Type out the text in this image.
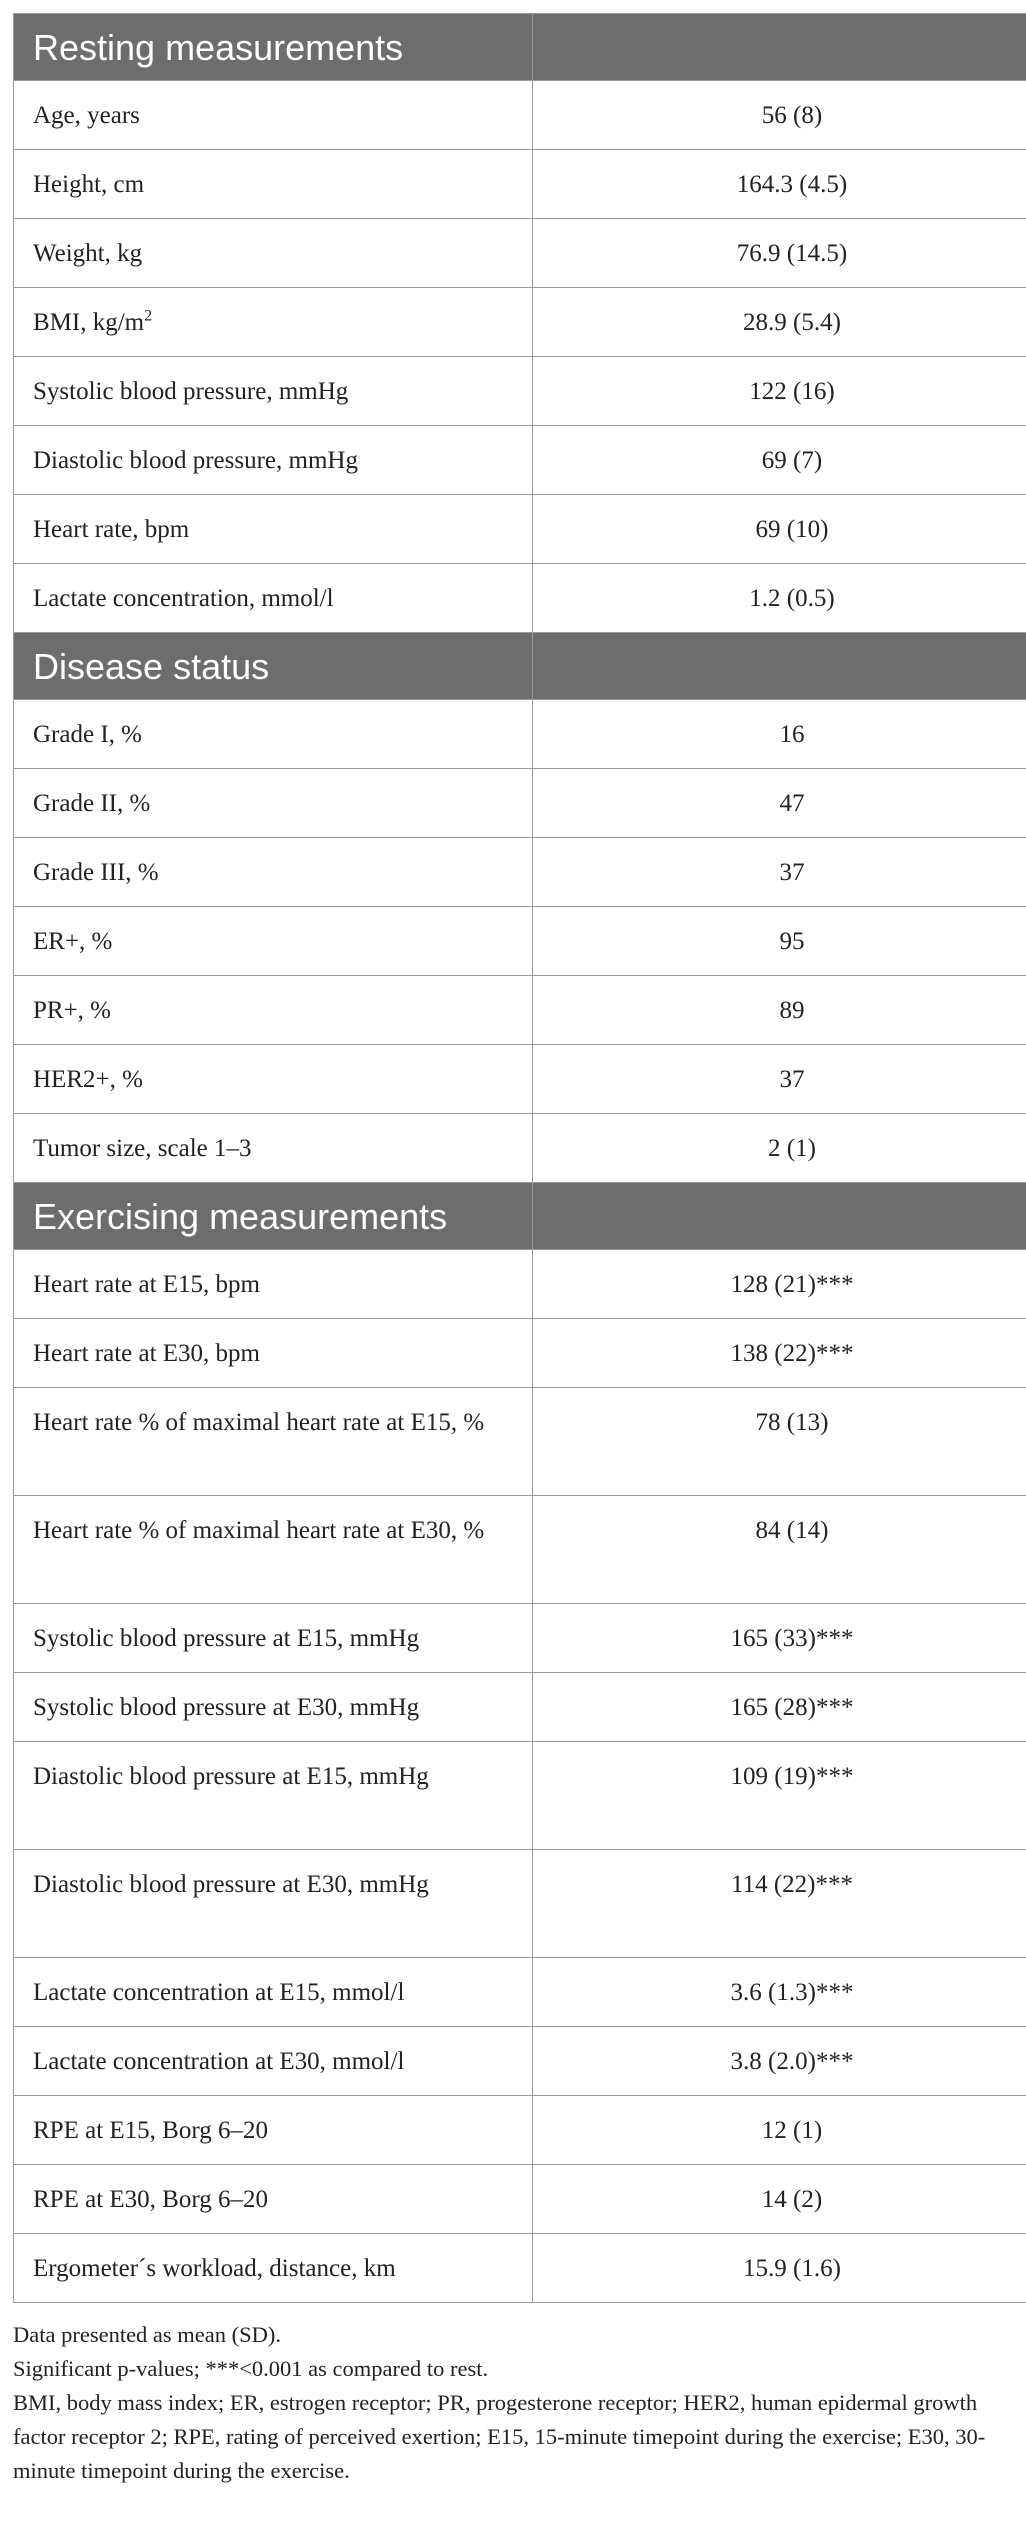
Resting measurements	
Age, years	56 (8)
Height, cm	164.3 (4.5)
Weight, kg	76.9 (14.5)
BMI, $kg/m^2$	28.9 (5.4)
Systolic blood pressure, mmHg	122 (16)
Diastolic blood pressure, mmHg	69 (7)
Heart rate, bpm	69 (10)
Lactate concentration, mmol/l	1.2 (0.5)
Disease status	
Grade I, %	16
Grade II, %	47
Grade III, %	37
ER+, %	95
PR+, %	89
HER2+, %	37
Tumor size, scale 1–3	2 (1)
Exercising measurements	
Heart rate at E15, bpm	128 (21)***
Heart rate at E30, bpm	138 (22)***
Heart rate % of maximal heart rate at E15, %	78 (13)
Heart rate % of maximal heart rate at E30, %	84 (14)
Systolic blood pressure at E15, mmHg	165 (33)***
Systolic blood pressure at E30, mmHg	165 (28)***
Diastolic blood pressure at E15, mmHg	109 (19)***
Diastolic blood pressure at E30, mmHg	114 (22)***
Lactate concentration at E15, mmol/l	3.6 (1.3)***
Lactate concentration at E30, mmol/l	3.8 (2.0)***
RPE at E15, Borg 6–20	12 (1)
RPE at E30, Borg 6–20	14 (2)
Ergometer´s workload, distance, km	15.9 (1.6)

Data presented as mean (SD).

Significant p-values; ***<0.001 as compared to rest.

BMI, body mass index; ER, estrogen receptor; PR, progesterone receptor; HER2, human epidermal growth factor receptor 2; RPE, rating of perceived exertion; E15, 15-minute timepoint during the exercise; E30, 30-minute timepoint during the exercise.
